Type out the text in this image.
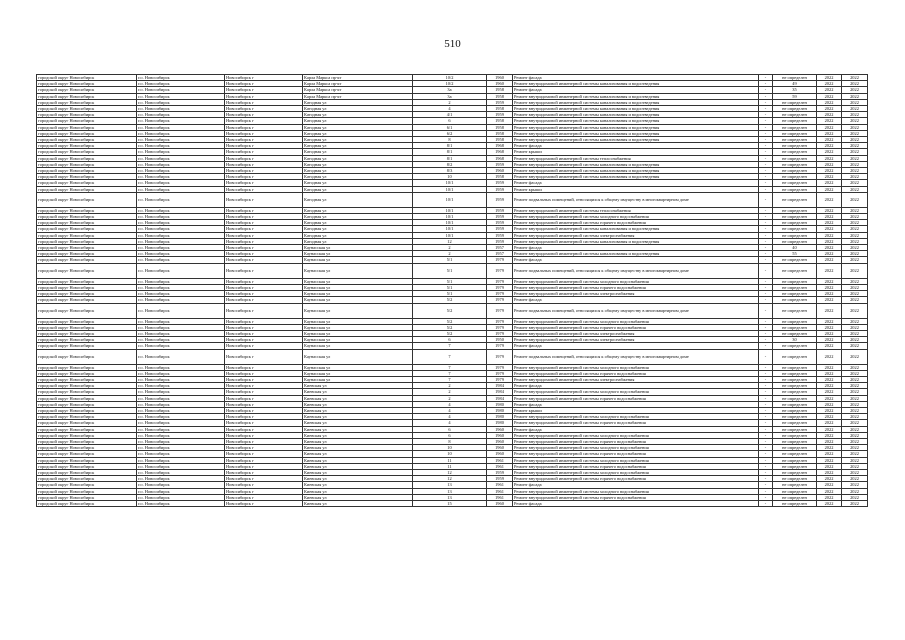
510
городской округ Новосибирск	г.о. Новосибирск	Новосибирск г	Карла Маркса пр-кт	10/2	1960	Ремонт фасада	-	не определен	2022	2022
городской округ Новосибирск	г.о. Новосибирск	Новосибирск г	Карла Маркса пр-кт	10/2	1960	Ремонт внутридомовой инженерной системы канализования и водоотведения	-	49	2022	2022
городской округ Новосибирск	г.о. Новосибирск	Новосибирск г	Карла Маркса пр-кт	3a	1958	Ремонт фасада	-	35	2022	2022
городской округ Новосибирск	г.о. Новосибирск	Новосибирск г	Карла Маркса пр-кт	3a	1958	Ремонт внутридомовой инженерной системы канализования и водоотведения	-	59	2022	2022
городской округ Новосибирск	г.о. Новосибирск	Новосибирск г	Катодная ул	2	1959	Ремонт внутридомовой инженерной системы канализования и водоотведения	-	не определен	2022	2022
городской округ Новосибирск	г.о. Новосибирск	Новосибирск г	Катодная ул	4	1958	Ремонт внутридомовой инженерной системы канализования и водоотведения	-	не определен	2022	2022
городской округ Новосибирск	г.о. Новосибирск	Новосибирск г	Катодная ул	4/1	1959	Ремонт внутридомовой инженерной системы канализования и водоотведения	-	не определен	2022	2022
городской округ Новосибирск	г.о. Новосибирск	Новосибирск г	Катодная ул	6	1958	Ремонт внутридомовой инженерной системы канализования и водоотведения	-	не определен	2022	2022
городской округ Новосибирск	г.о. Новосибирск	Новосибирск г	Катодная ул	6/1	1958	Ремонт внутридомовой инженерной системы канализования и водоотведения	-	не определен	2022	2022
городской округ Новосибирск	г.о. Новосибирск	Новосибирск г	Катодная ул	6/2	1958	Ремонт внутридомовой инженерной системы канализования и водоотведения	-	не определен	2022	2022
городской округ Новосибирск	г.о. Новосибирск	Новосибирск г	Катодная ул	8	1958	Ремонт внутридомовой инженерной системы канализования и водоотведения	-	не определен	2022	2022
городской округ Новосибирск	г.о. Новосибирск	Новосибирск г	Катодная ул	8/1	1968	Ремонт фасада	-	не определен	2022	2022
городской округ Новосибирск	г.о. Новосибирск	Новосибирск г	Катодная ул	8/1	1968	Ремонт крыши	-	не определен	2022	2022
городской округ Новосибирск	г.о. Новосибирск	Новосибирск г	Катодная ул	8/1	1968	Ремонт внутридомовой инженерной системы теплоснабжения	-	не определен	2022	2022
городской округ Новосибирск	г.о. Новосибирск	Новосибирск г	Катодная ул	8/2	1959	Ремонт внутридомовой инженерной системы канализования и водоотведения	-	не определен	2022	2022
городской округ Новосибирск	г.о. Новосибирск	Новосибирск г	Катодная ул	8/3	1960	Ремонт внутридомовой инженерной системы канализования и водоотведения	-	не определен	2022	2022
городской округ Новосибирск	г.о. Новосибирск	Новосибирск г	Катодная ул	10	1958	Ремонт внутридомовой инженерной системы канализования и водоотведения	-	не определен	2022	2022
городской округ Новосибирск	г.о. Новосибирск	Новосибирск г	Катодная ул	10/1	1959	Ремонт фасада	-	не определен	2022	2022
городской округ Новосибирск	г.о. Новосибирск	Новосибирск г	Катодная ул	10/1	1959	Ремонт крыши	-	не определен	2022	2022
городской округ Новосибирск	г.о. Новосибирск	Новосибирск г	Катодная ул	10/1	1959	Ремонт подвальных помещений, относящихся к общему имуществу в многоквартирном доме	-	не определен	2022	2022
городской округ Новосибирск	г.о. Новосибирск	Новосибирск г	Катодная ул	10/1	1959	Ремонт внутридомовой инженерной системы теплоснабжения	-	не определен	2022	2022
городской округ Новосибирск	г.о. Новосибирск	Новосибирск г	Катодная ул	10/1	1959	Ремонт внутридомовой инженерной системы холодного водоснабжения	-	не определен	2022	2022
городской округ Новосибирск	г.о. Новосибирск	Новосибирск г	Катодная ул	10/1	1959	Ремонт внутридомовой инженерной системы горячего водоснабжения	-	не определен	2022	2022
городской округ Новосибирск	г.о. Новосибирск	Новосибирск г	Катодная ул	10/1	1959	Ремонт внутридомовой инженерной системы канализования и водоотведения	-	не определен	2022	2022
городской округ Новосибирск	г.о. Новосибирск	Новосибирск г	Катодная ул	10/1	1959	Ремонт внутридомовой инженерной системы электроснабжения	-	не определен	2022	2022
городской округ Новосибирск	г.о. Новосибирск	Новосибирск г	Катодная ул	12	1959	Ремонт внутридомовой инженерной системы канализования и водоотведения	-	не определен	2022	2022
городской округ Новосибирск	г.о. Новосибирск	Новосибирск г	Каунасская ул	2	1957	Ремонт фасада	-	40	2022	2022
городской округ Новосибирск	г.о. Новосибирск	Новосибирск г	Каунасская ул	2	1957	Ремонт внутридомовой инженерной системы канализования и водоотведения	-	55	2022	2022
городской округ Новосибирск	г.о. Новосибирск	Новосибирск г	Каунасская ул	5/1	1979	Ремонт фасада	-	не определен	2022	2022
городской округ Новосибирск	г.о. Новосибирск	Новосибирск г	Каунасская ул	5/1	1979	Ремонт подвальных помещений, относящихся к общему имуществу в многоквартирном доме	-	не определен	2022	2022
городской округ Новосибирск	г.о. Новосибирск	Новосибирск г	Каунасская ул	5/1	1979	Ремонт внутридомовой инженерной системы холодного водоснабжения	-	не определен	2022	2022
городской округ Новосибирск	г.о. Новосибирск	Новосибирск г	Каунасская ул	5/1	1979	Ремонт внутридомовой инженерной системы горячего водоснабжения	-	не определен	2022	2022
городской округ Новосибирск	г.о. Новосибирск	Новосибирск г	Каунасская ул	5/1	1979	Ремонт внутридомовой инженерной системы электроснабжения	-	не определен	2022	2022
городской округ Новосибирск	г.о. Новосибирск	Новосибирск г	Каунасская ул	5/2	1979	Ремонт фасада	-	не определен	2022	2022
городской округ Новосибирск	г.о. Новосибирск	Новосибирск г	Каунасская ул	5/2	1979	Ремонт подвальных помещений, относящихся к общему имуществу в многоквартирном доме	-	не определен	2022	2022
городской округ Новосибирск	г.о. Новосибирск	Новосибирск г	Каунасская ул	5/2	1979	Ремонт внутридомовой инженерной системы холодного водоснабжения	-	не определен	2022	2022
городской округ Новосибирск	г.о. Новосибирск	Новосибирск г	Каунасская ул	5/2	1979	Ремонт внутридомовой инженерной системы горячего водоснабжения	-	не определен	2022	2022
городской округ Новосибирск	г.о. Новосибирск	Новосибирск г	Каунасская ул	5/2	1979	Ремонт внутридомовой инженерной системы электроснабжения	-	не определен	2022	2022
городской округ Новосибирск	г.о. Новосибирск	Новосибирск г	Каунасская ул	6	1950	Ремонт внутридомовой инженерной системы электроснабжения	-	30	2022	2022
городской округ Новосибирск	г.о. Новосибирск	Новосибирск г	Каунасская ул	7	1979	Ремонт фасада	-	не определен	2022	2022
городской округ Новосибирск	г.о. Новосибирск	Новосибирск г	Каунасская ул	7	1979	Ремонт подвальных помещений, относящихся к общему имуществу в многоквартирном доме	-	не определен	2022	2022
городской округ Новосибирск	г.о. Новосибирск	Новосибирск г	Каунасская ул	7	1979	Ремонт внутридомовой инженерной системы холодного водоснабжения	-	не определен	2022	2022
городской округ Новосибирск	г.о. Новосибирск	Новосибирск г	Каунасская ул	7	1979	Ремонт внутридомовой инженерной системы горячего водоснабжения	-	не определен	2022	2022
городской округ Новосибирск	г.о. Новосибирск	Новосибирск г	Каунасская ул	7	1979	Ремонт внутридомовой инженерной системы электроснабжения	-	не определен	2022	2022
городской округ Новосибирск	г.о. Новосибирск	Новосибирск г	Киевская ул	2	1984	Ремонт фасада	-	не определен	2022	2022
городской округ Новосибирск	г.о. Новосибирск	Новосибирск г	Киевская ул	2	1984	Ремонт внутридомовой инженерной системы холодного водоснабжения	-	не определен	2022	2022
городской округ Новосибирск	г.о. Новосибирск	Новосибирск г	Киевская ул	2	1984	Ремонт внутридомовой инженерной системы горячего водоснабжения	-	не определен	2022	2022
городской округ Новосибирск	г.о. Новосибирск	Новосибирск г	Киевская ул	4	1980	Ремонт фасада	-	не определен	2022	2022
городской округ Новосибирск	г.о. Новосибирск	Новосибирск г	Киевская ул	4	1980	Ремонт крыши	-	не определен	2022	2022
городской округ Новосибирск	г.о. Новосибирск	Новосибирск г	Киевская ул	4	1980	Ремонт внутридомовой инженерной системы холодного водоснабжения	-	не определен	2022	2022
городской округ Новосибирск	г.о. Новосибирск	Новосибирск г	Киевская ул	4	1980	Ремонт внутридомовой инженерной системы горячего водоснабжения	-	не определен	2022	2022
городской округ Новосибирск	г.о. Новосибирск	Новосибирск г	Киевская ул	6	1960	Ремонт фасада	-	не определен	2022	2022
городской округ Новосибирск	г.о. Новосибирск	Новосибирск г	Киевская ул	6	1960	Ремонт внутридомовой инженерной системы холодного водоснабжения	-	не определен	2022	2022
городской округ Новосибирск	г.о. Новосибирск	Новосибирск г	Киевская ул	8	1960	Ремонт внутридомовой инженерной системы горячего водоснабжения	-	не определен	2022	2022
городской округ Новосибирск	г.о. Новосибирск	Новосибирск г	Киевская ул	10	1960	Ремонт внутридомовой инженерной системы холодного водоснабжения	-	не определен	2022	2022
городской округ Новосибирск	г.о. Новосибирск	Новосибирск г	Киевская ул	10	1960	Ремонт внутридомовой инженерной системы горячего водоснабжения	-	не определен	2022	2022
городской округ Новосибирск	г.о. Новосибирск	Новосибирск г	Киевская ул	11	1961	Ремонт внутридомовой инженерной системы холодного водоснабжения	-	не определен	2022	2022
городской округ Новосибирск	г.о. Новосибирск	Новосибирск г	Киевская ул	11	1961	Ремонт внутридомовой инженерной системы горячего водоснабжения	-	не определен	2022	2022
городской округ Новосибирск	г.о. Новосибирск	Новосибирск г	Киевская ул	12	1959	Ремонт внутридомовой инженерной системы холодного водоснабжения	-	не определен	2022	2022
городской округ Новосибирск	г.о. Новосибирск	Новосибирск г	Киевская ул	12	1959	Ремонт внутридомовой инженерной системы горячего водоснабжения	-	не определен	2022	2022
городской округ Новосибирск	г.о. Новосибирск	Новосибирск г	Киевская ул	13	1961	Ремонт фасада	-	не определен	2022	2022
городской округ Новосибирск	г.о. Новосибирск	Новосибирск г	Киевская ул	13	1961	Ремонт внутридомовой инженерной системы холодного водоснабжения	-	не определен	2022	2022
городской округ Новосибирск	г.о. Новосибирск	Новосибирск г	Киевская ул	13	1961	Ремонт внутридомовой инженерной системы горячего водоснабжения	-	не определен	2022	2022
городской округ Новосибирск	г.о. Новосибирск	Новосибирск г	Киевская ул	15	1960	Ремонт фасада	-	не определен	2022	2022
